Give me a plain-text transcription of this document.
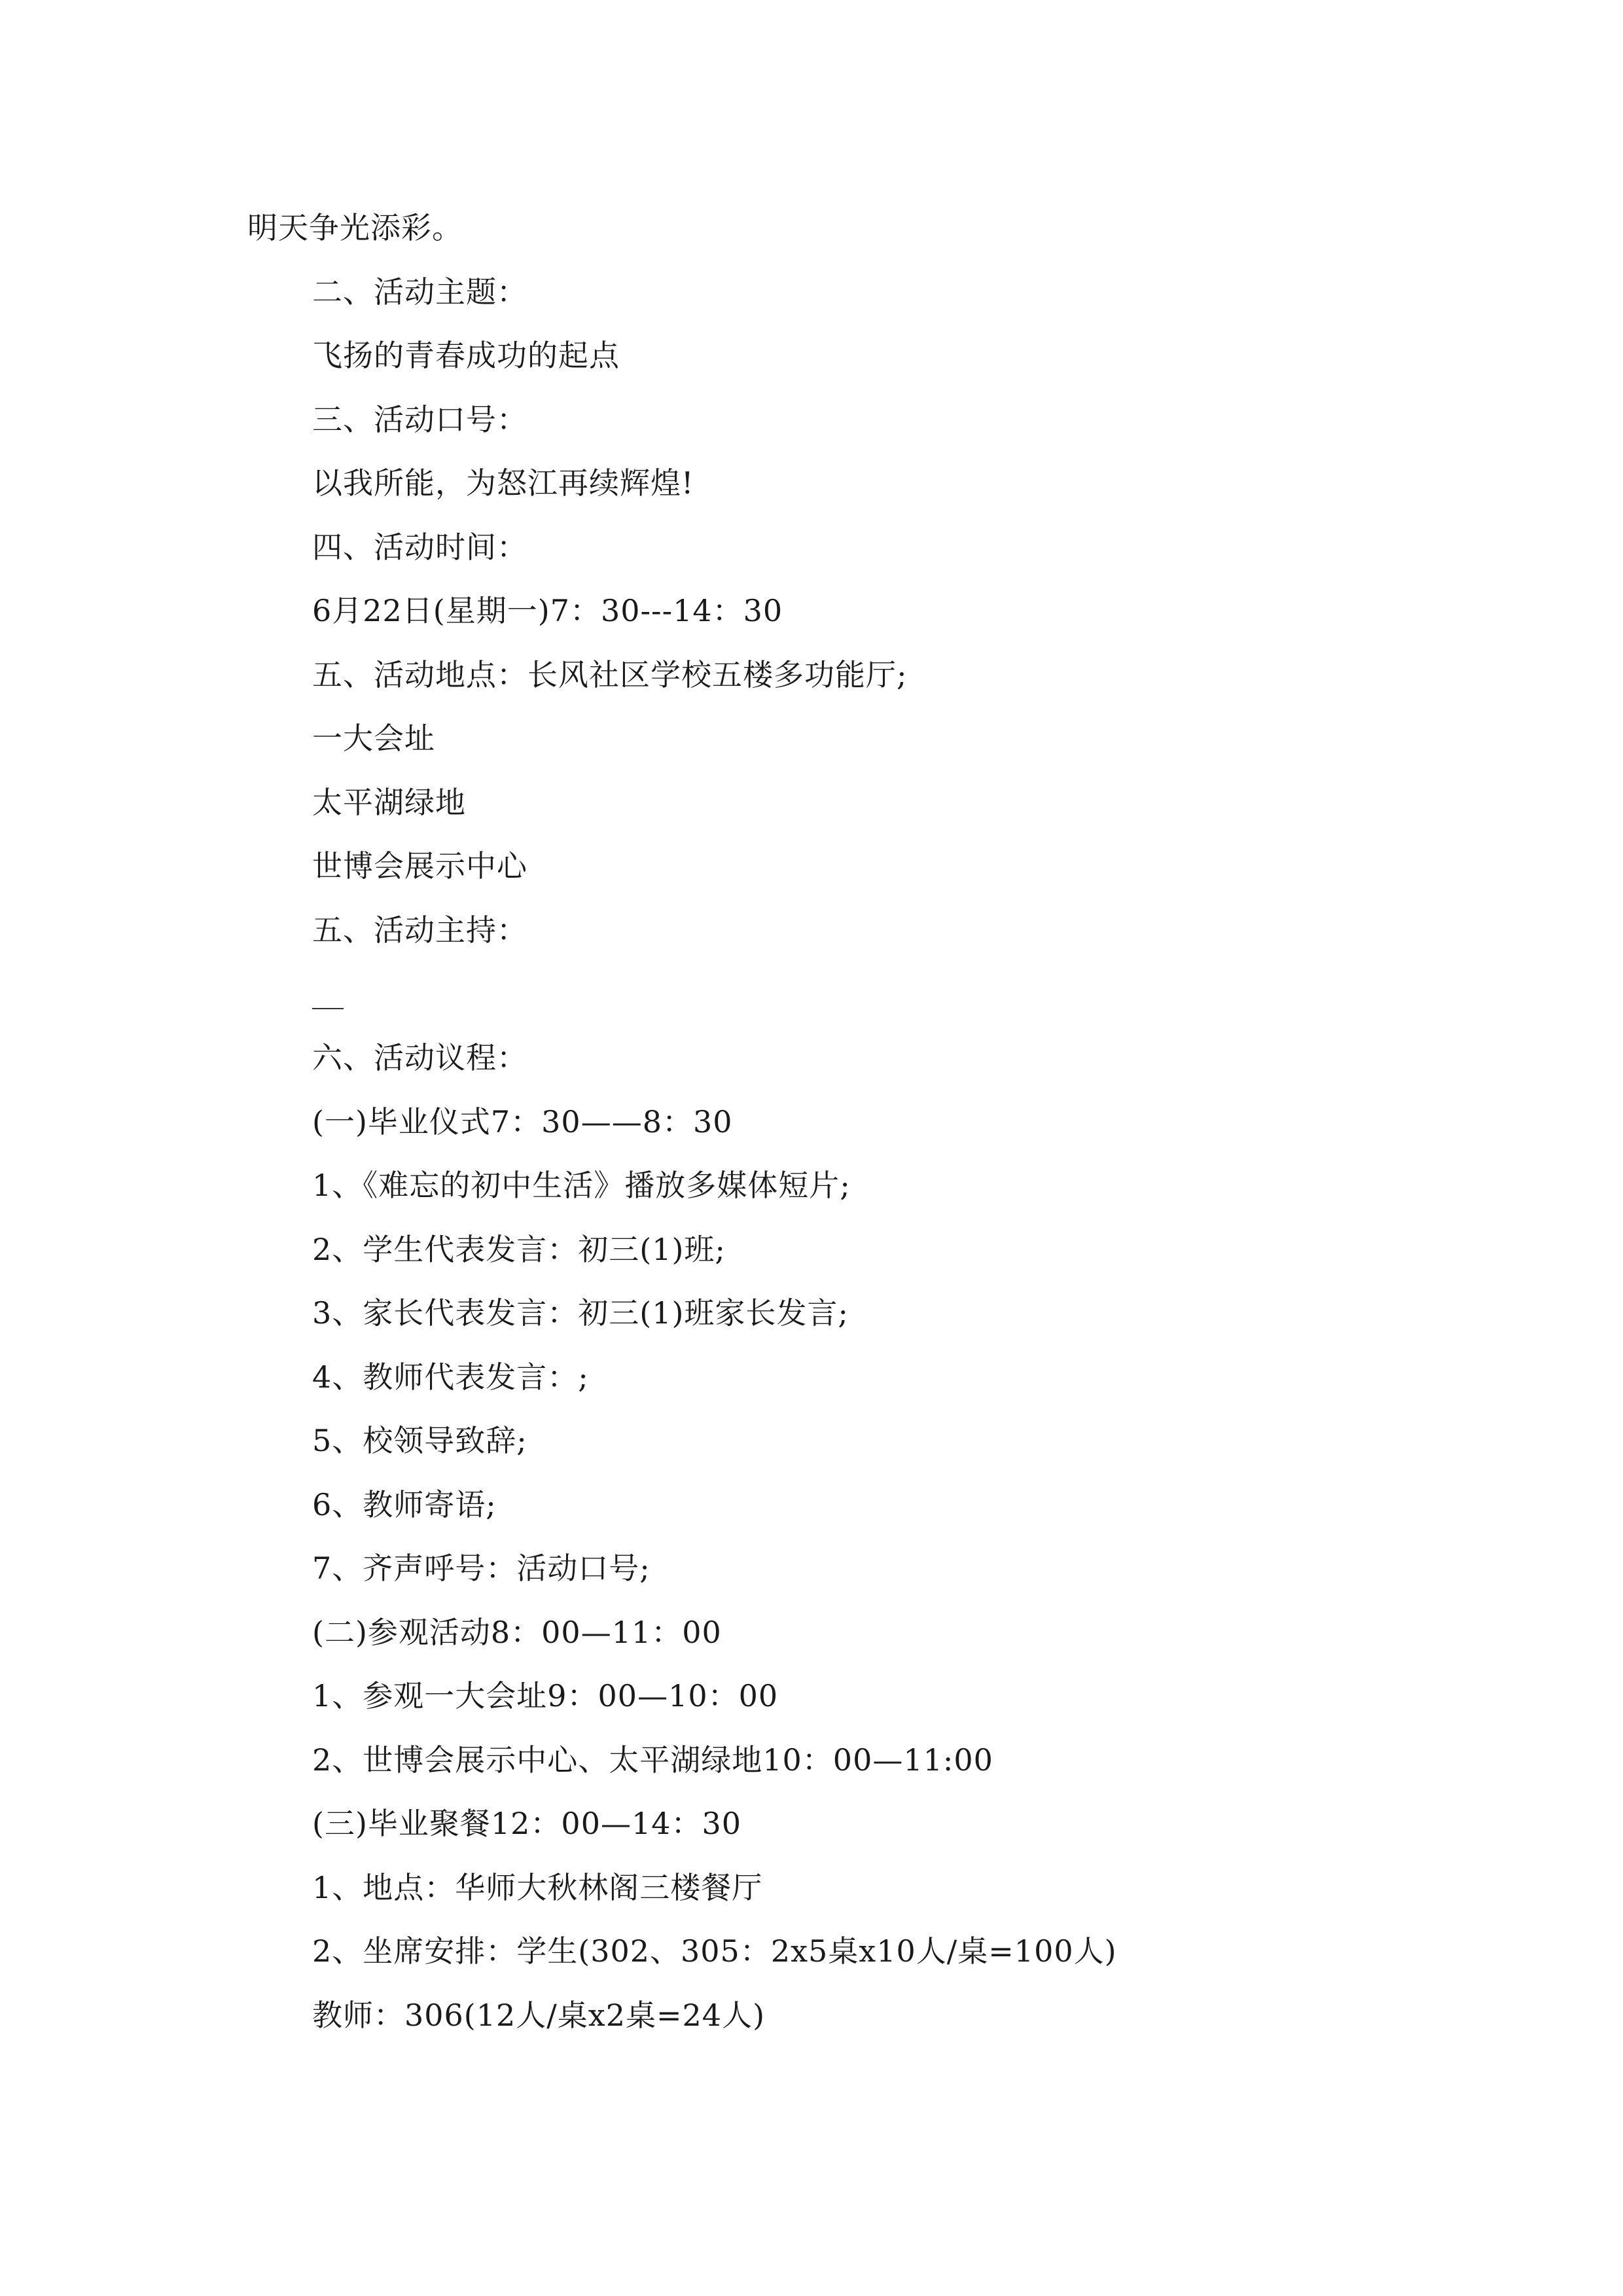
明天争光添彩。
二、活动主题：
飞扬的青春成功的起点
三、活动口号：
以我所能，为怒江再续辉煌!
四、活动时间：
6月22日(星期一)7：30---14：30
五、活动地点：长风社区学校五楼多功能厅;
一大会址
太平湖绿地
世博会展示中心
五、活动主持：
六、活动议程：
(一)毕业仪式7：30——8：30
1、《难忘的初中生活》播放多媒体短片;
2、学生代表发言：初三(1)班;
3、家长代表发言：初三(1)班家长发言;
4、教师代表发言：;
5、校领导致辞;
6、教师寄语;
7、齐声呼号：活动口号;
(二)参观活动8：00—11：00
1、参观一大会址9：00—10：00
2、世博会展示中心、太平湖绿地10：00—11:00
(三)毕业聚餐12：00—14：30
1、地点：华师大秋林阁三楼餐厅
2、坐席安排：学生(302、305：2x5桌x10人/桌=100人)
教师：306(12人/桌x2桌=24人)
